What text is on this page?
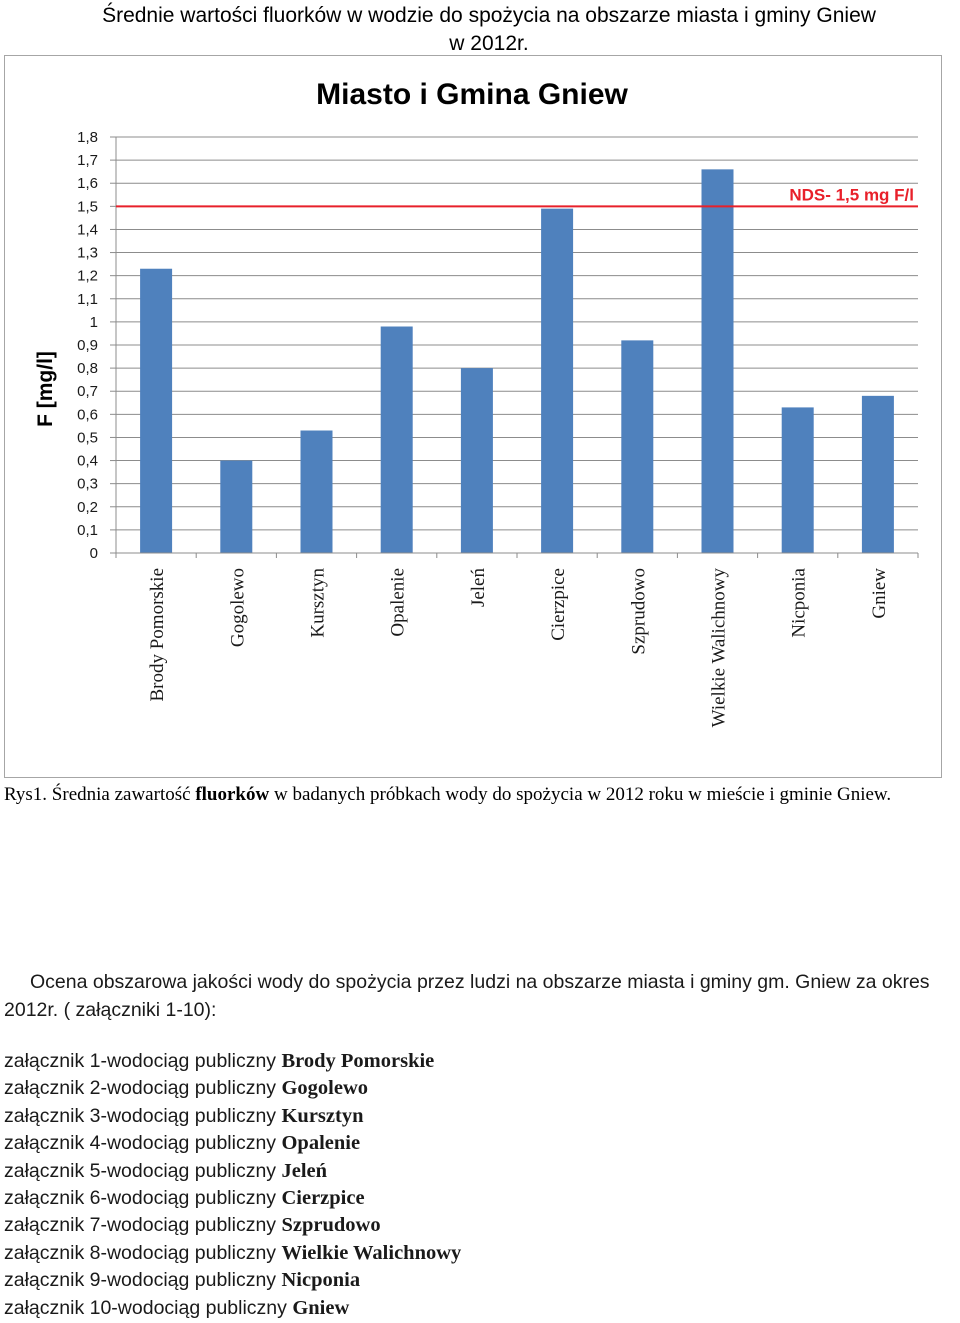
Średnie wartości fluorków w wodzie do spożycia na obszarze miasta i gminy Gniew
w 2012r.
Miasto i Gmina Gniew
0
0,1
0,2
0,3
0,4
0,5
0,6
0,7
0,8
0,9
1
1,1
1,2
1,3
1,4
1,5
1,6
1,7
1,8
F [mg/l]
Brody Pomorskie	Gogolewo	Kursztyn	Opalenie	Jeleń	Cierzpice	Szprudowo	Wielkie Walichnowy	Nicponia	Gniew
NDS- 1,5 mg F/l
Rys1. Średnia zawartość fluorków w badanych próbkach wody do spożycia w 2012 roku w mieście i gminie Gniew.
Ocena obszarowa jakości wody do spożycia przez ludzi na obszarze miasta i gminy gm. Gniew za okres 2012r. ( załączniki 1-10):
załącznik 1-wodociąg publiczny Brody Pomorskie
załącznik 2-wodociąg publiczny Gogolewo
załącznik 3-wodociąg publiczny Kursztyn
załącznik 4-wodociąg publiczny Opalenie
załącznik 5-wodociąg publiczny Jeleń
załącznik 6-wodociąg publiczny Cierzpice
załącznik 7-wodociąg publiczny Szprudowo
załącznik 8-wodociąg publiczny Wielkie Walichnowy
załącznik 9-wodociąg publiczny Nicponia
załącznik 10-wodociąg publiczny Gniew
